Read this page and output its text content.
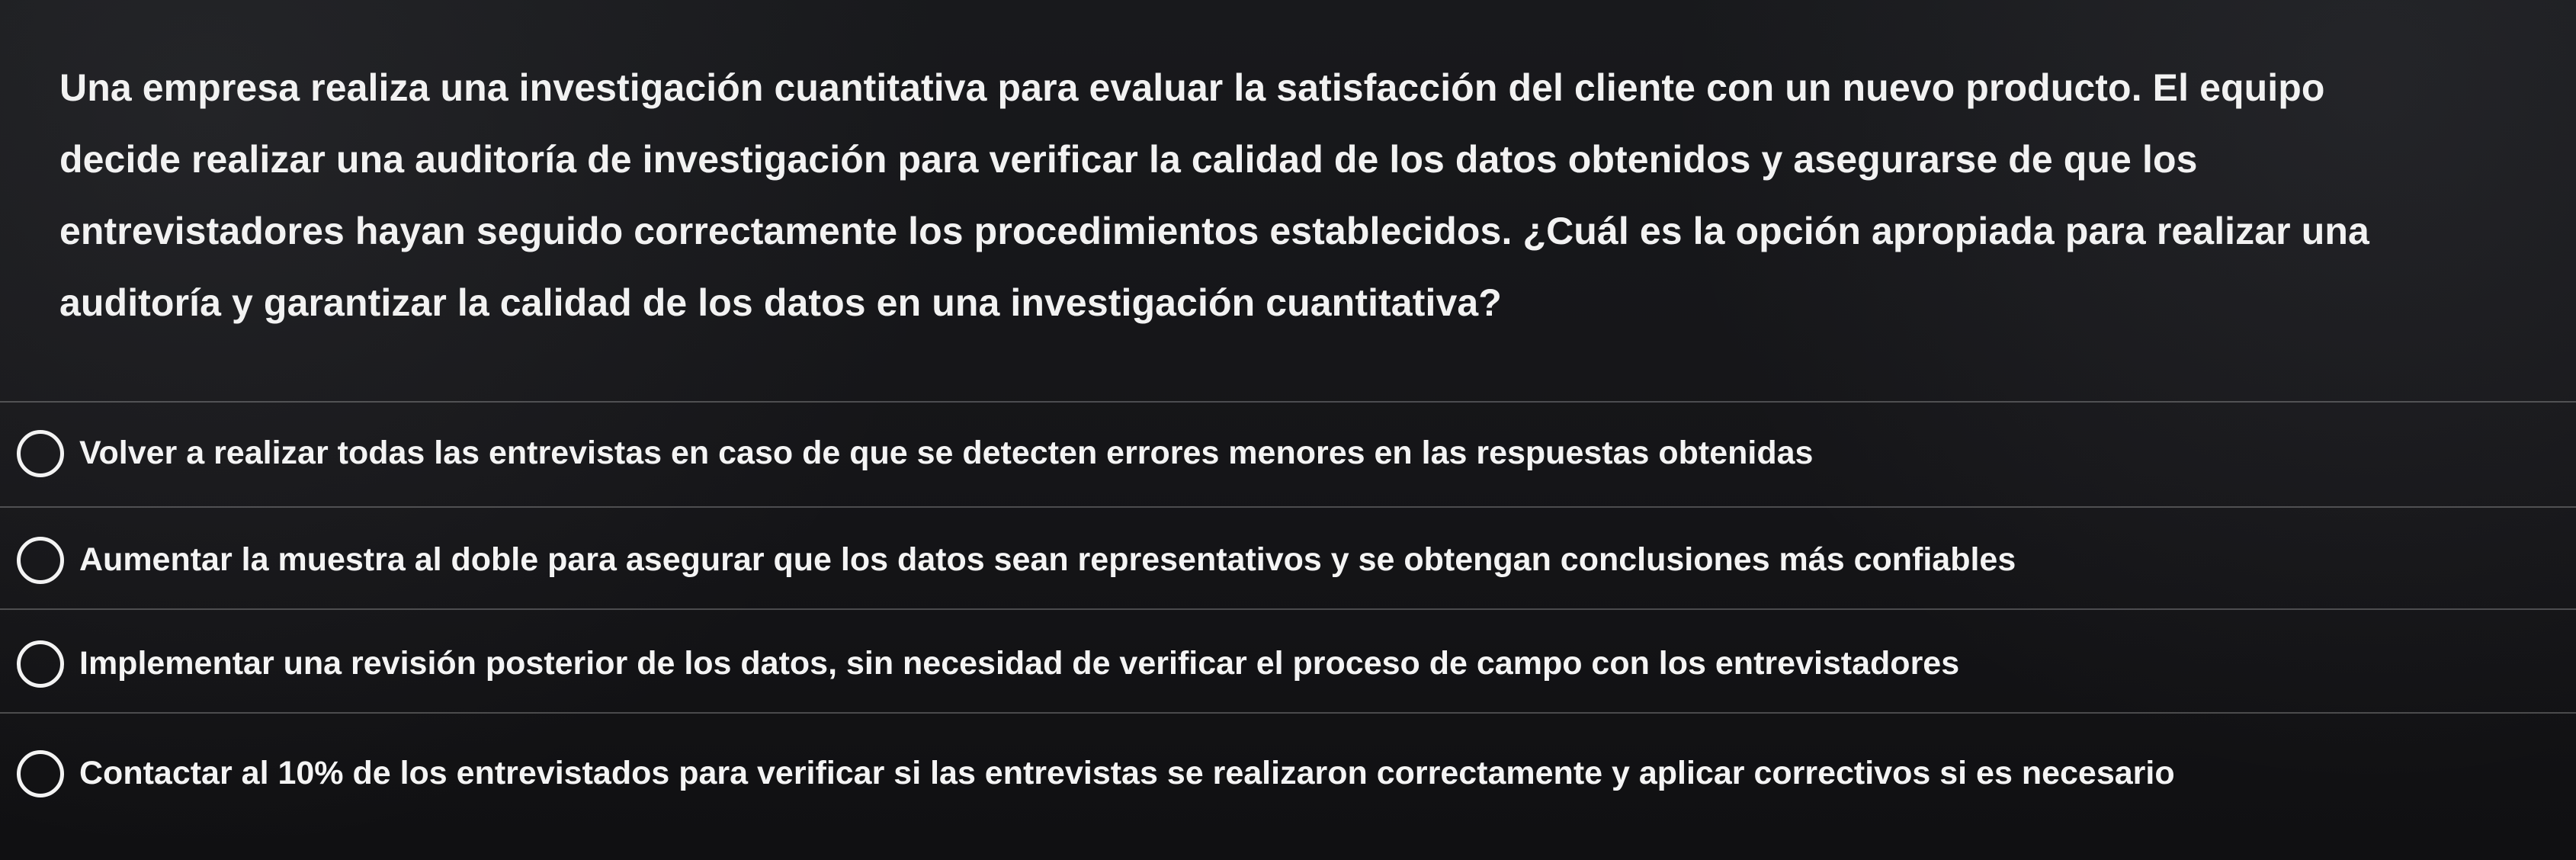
Una empresa realiza una investigación cuantitativa para evaluar la satisfacción del cliente con un nuevo producto. El equipo decide realizar una auditoría de investigación para verificar la calidad de los datos obtenidos y asegurarse de que los entrevistadores hayan seguido correctamente los procedimientos establecidos. ¿Cuál es la opción apropiada para realizar una auditoría y garantizar la calidad de los datos en una investigación cuantitativa?

Volver a realizar todas las entrevistas en caso de que se detecten errores menores en las respuestas obtenidas
Aumentar la muestra al doble para asegurar que los datos sean representativos y se obtengan conclusiones más confiables
Implementar una revisión posterior de los datos, sin necesidad de verificar el proceso de campo con los entrevistadores
Contactar al 10% de los entrevistados para verificar si las entrevistas se realizaron correctamente y aplicar correctivos si es necesario
